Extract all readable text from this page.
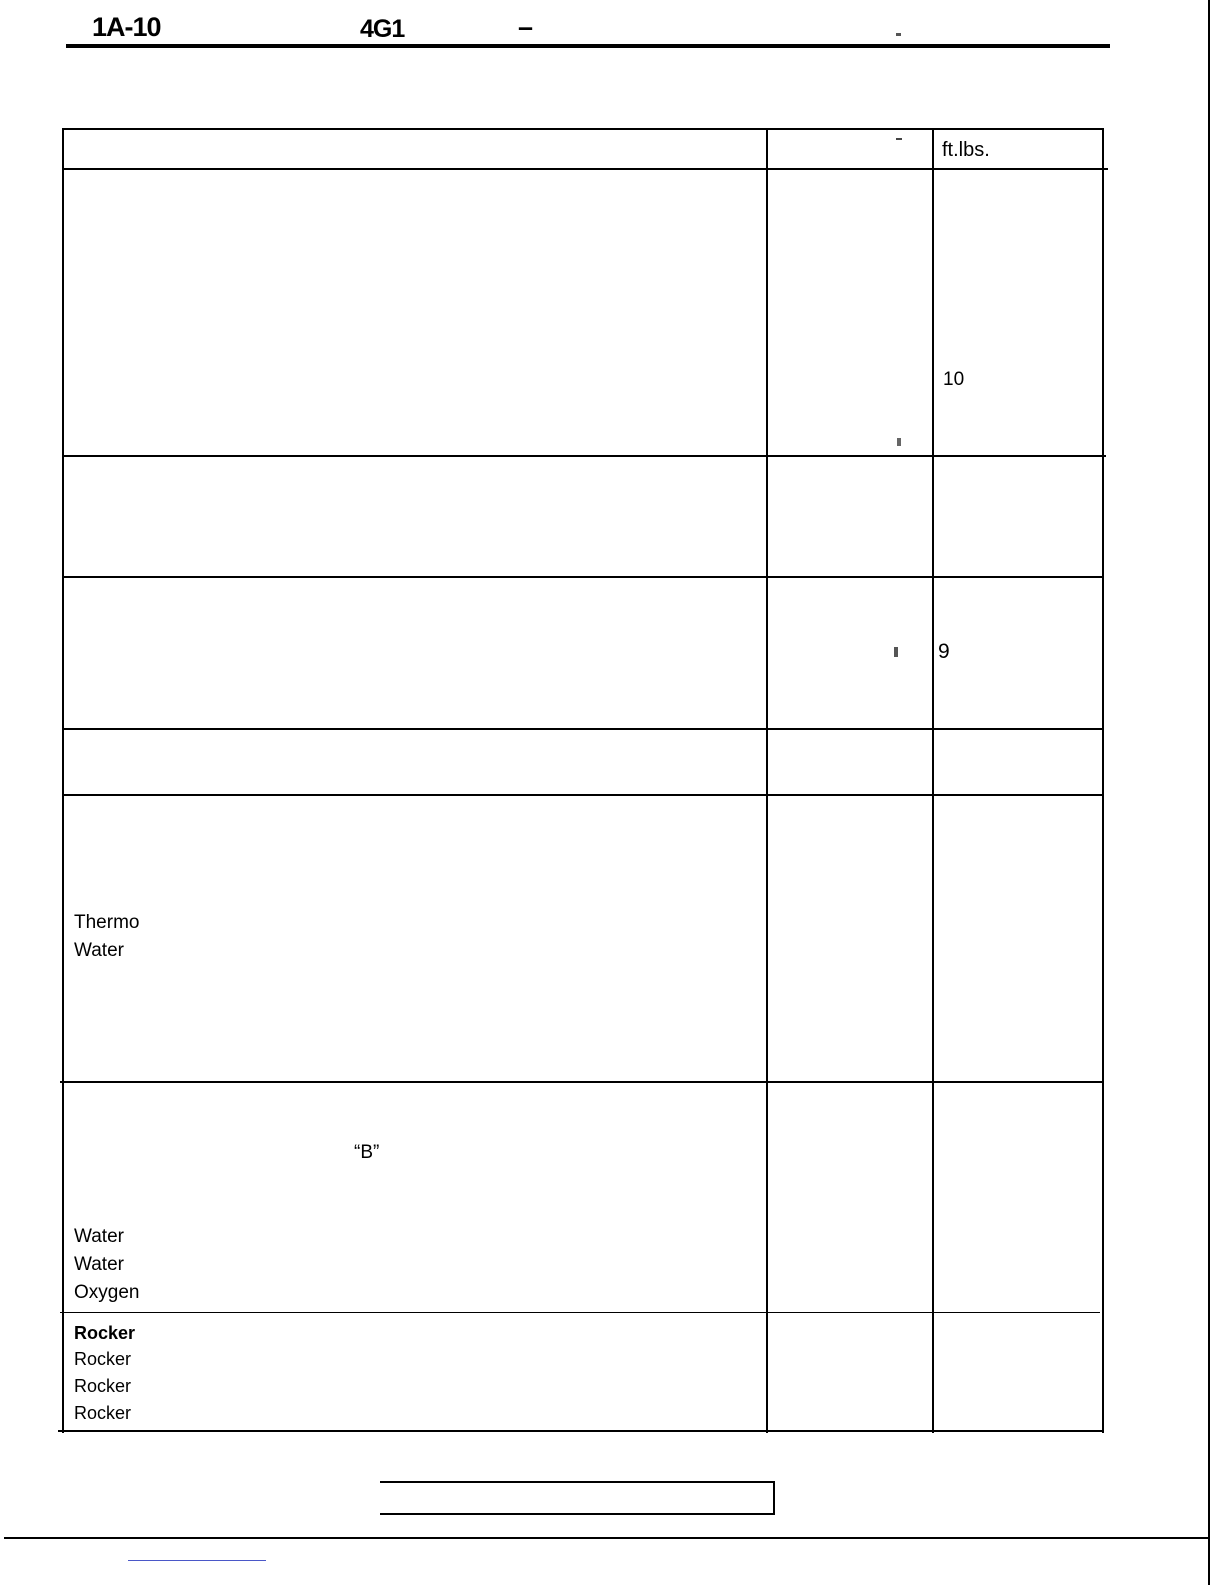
1A-10	4G1	–
ft.lbs.
10
9
Thermo
Water
“B”
Water
Water
Oxygen
Rocker
Rocker
Rocker
Rocker
